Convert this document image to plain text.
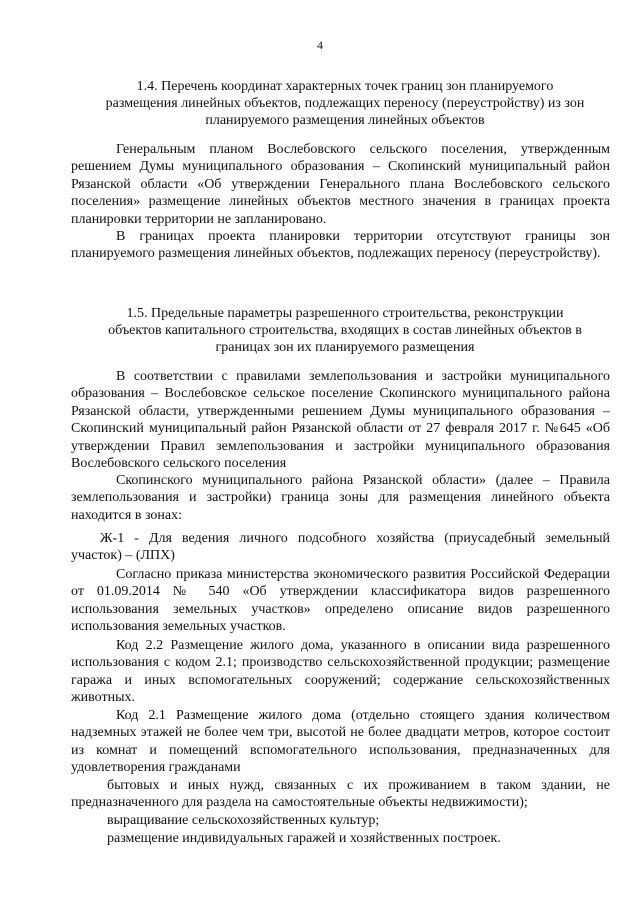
4
1.4. Перечень координат характерных точек границ зон планируемого
размещения линейных объектов, подлежащих переносу (переустройству) из зон
планируемого размещения линейных объектов

Генеральным планом Вослебовского сельского поселения, утвержденным решением Думы муниципального образования – Скопинский муниципальный район Рязанской области «Об утверждении Генерального плана Вослебовского сельского поселения» размещение линейных объектов местного значения в границах проекта планировки территории не запланировано.

В границах проекта планировки территории отсутствуют границы зон планируемого размещения линейных объектов, подлежащих переносу (переустройству).

1.5. Предельные параметры разрешенного строительства, реконструкции
объектов капитального строительства, входящих в состав линейных объектов в
границах зон их планируемого размещения

В соответствии с правилами землепользования и застройки муниципального образования – Вослебовское сельское поселение Скопинского муниципального района Рязанской области, утвержденными решением Думы муниципального образования – Скопинский муниципальный район Рязанской области от 27 февраля 2017 г. №645 «Об утверждении Правил землепользования и застройки муниципального образования Вослебовского сельского поселения

Скопинского муниципального района Рязанской области» (далее – Правила землепользования и застройки) граница зоны для размещения линейного объекта находится в зонах:

Ж-1 - Для ведения личного подсобного хозяйства (приусадебный земельный участок) – (ЛПХ)

Согласно приказа министерства экономического развития Российской Федерации от 01.09.2014 № 540 «Об утверждении классификатора видов разрешенного использования земельных участков» определено описание видов разрешенного использования земельных участков.

Код 2.2 Размещение жилого дома, указанного в описании вида разрешенного использования с кодом 2.1; производство сельскохозяйственной продукции; размещение гаража и иных вспомогательных сооружений; содержание сельскохозяйственных животных.

Код 2.1 Размещение жилого дома (отдельно стоящего здания количеством надземных этажей не более чем три, высотой не более двадцати метров, которое состоит из комнат и помещений вспомогательного использования, предназначенных для удовлетворения гражданами

бытовых и иных нужд, связанных с их проживанием в таком здании, не предназначенного для раздела на самостоятельные объекты недвижимости);

выращивание сельскохозяйственных культур;

размещение индивидуальных гаражей и хозяйственных построек.
